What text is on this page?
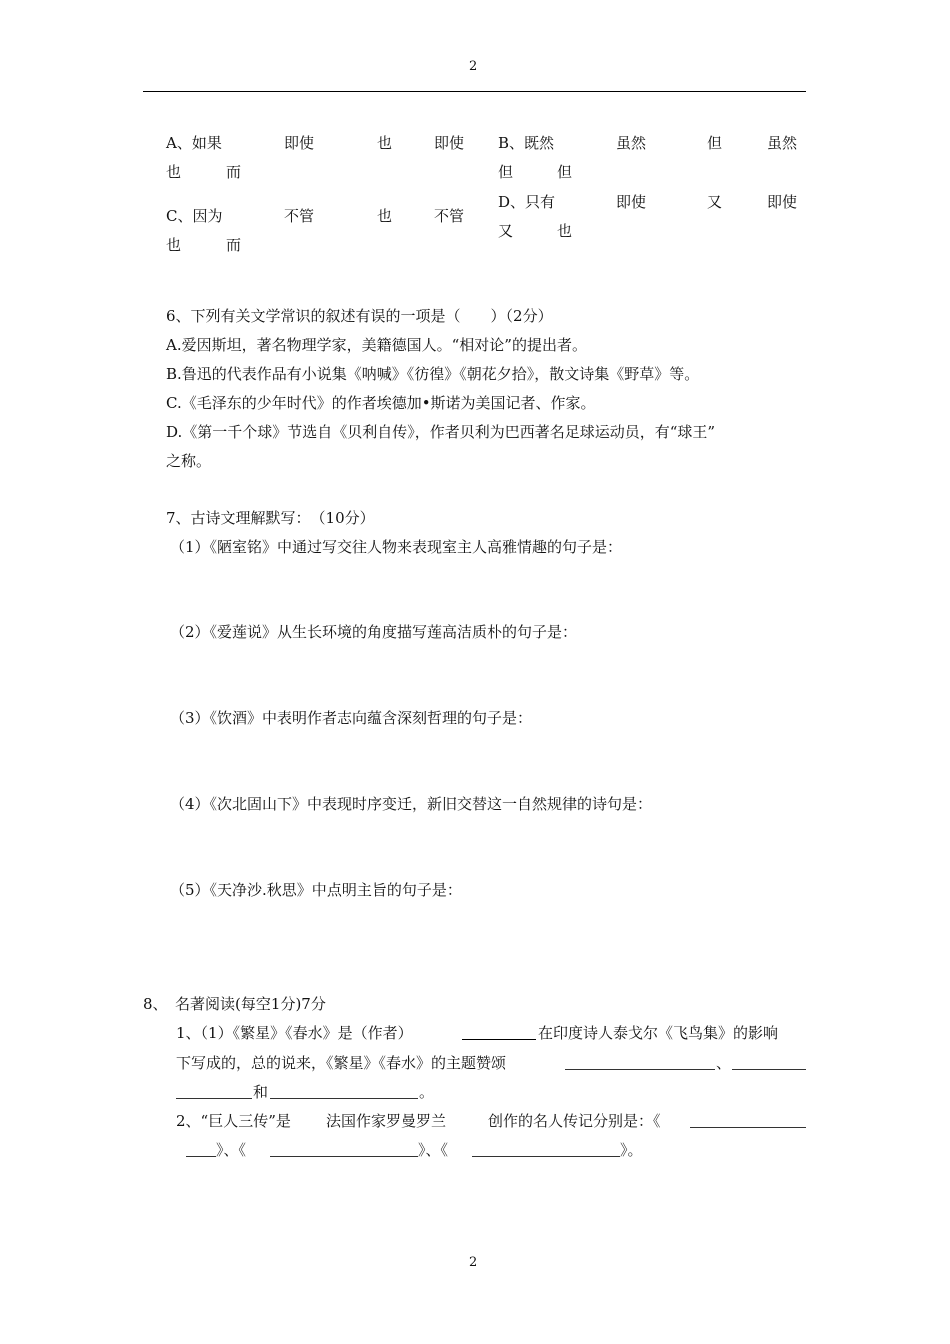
2
A、如果	即使	也	即使
也	而
B、既然	虽然	但	虽然
但	但
C、因为	不管	也	不管
也	而
D、只有	即使	又	即使
又	也
6、下列有关文学常识的叙述有误的一项是（　　）（2分）
A.爱因斯坦，著名物理学家，美籍德国人。“相对论”的提出者。
B.鲁迅的代表作品有小说集《呐喊》《彷徨》《朝花夕拾》，散文诗集《野草》等。
C.《毛泽东的少年时代》的作者埃德加•斯诺为美国记者、作家。
D.《第一千个球》节选自《贝利自传》，作者贝利为巴西著名足球运动员，有“球王”
之称。
7、古诗文理解默写：　（10分）
（1）《陋室铭》中通过写交往人物来表现室主人高雅情趣的句子是：
（2）《爱莲说》从生长环境的角度描写莲高洁质朴的句子是：
（3）《饮酒》中表明作者志向蕴含深刻哲理的句子是：
（4）《次北固山下》中表现时序变迁，新旧交替这一自然规律的诗句是：
（5）《天净沙.秋思》中点明主旨的句子是：
8、　名著阅读(每空1分)7分
1、（1）《繁星》《春水》是（作者）	在印度诗人泰戈尔《飞鸟集》的影响
下写成的，总的说来，《繁星》《春水》的主题赞颂	、
和	。
2、“巨人三传”是 法国作家罗曼罗兰	创作的名人传记分别是：《
》、《	》、《	》。
2
